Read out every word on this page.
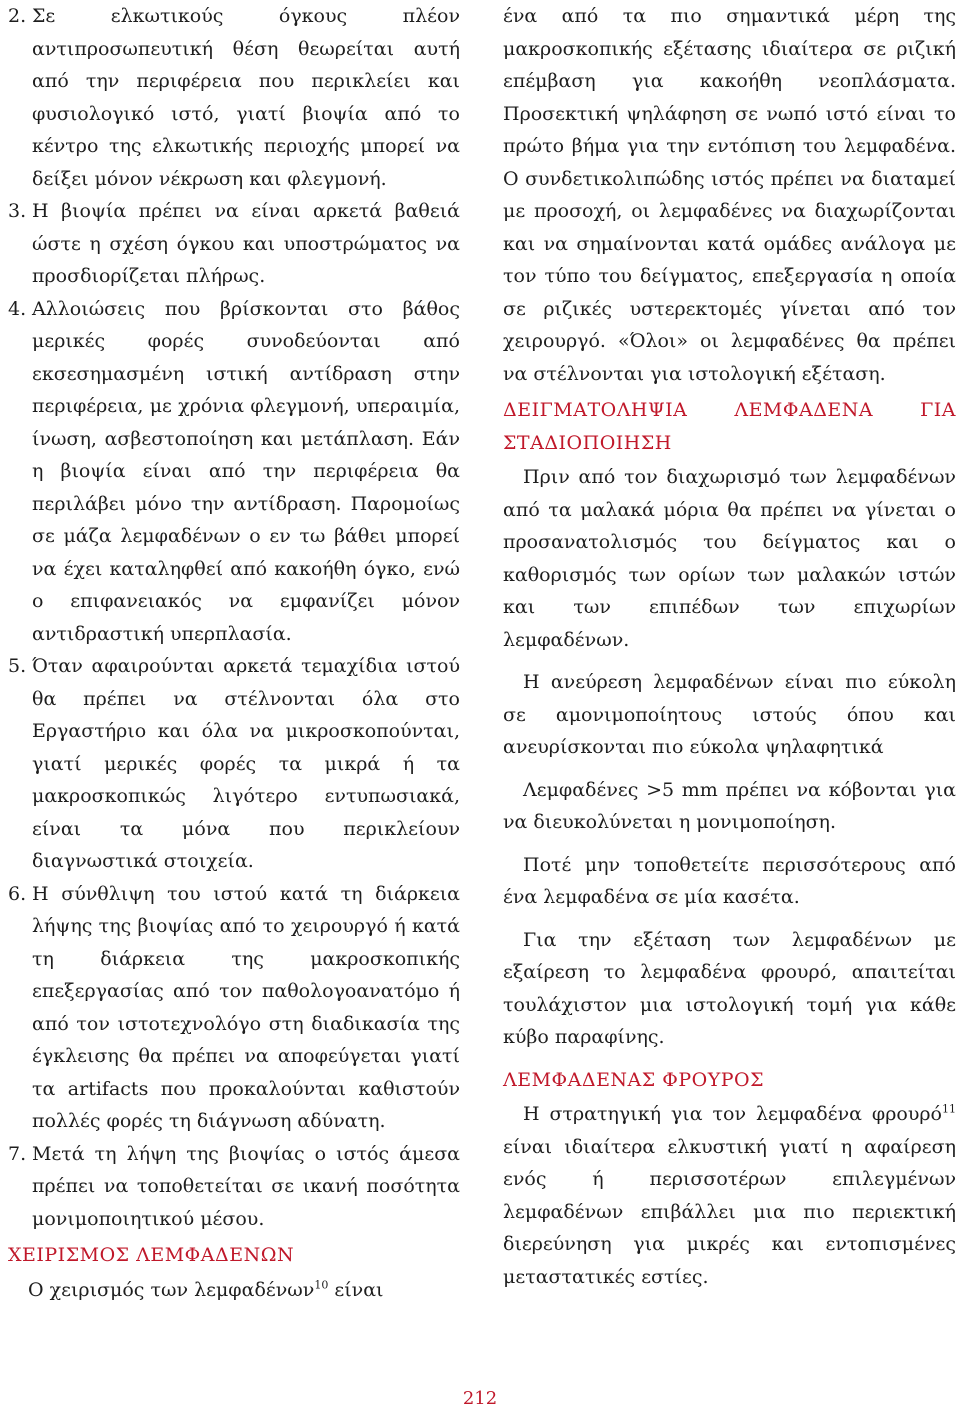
2. Σε ελκωτικούς όγκους πλέον αντιπροσωπευτική θέση θεωρείται αυτή από την περιφέρεια που περικλείει και φυσιολογικό ιστό, γιατί βιοψία από το κέντρο της ελκωτικής περιοχής μπορεί να δείξει μόνον νέκρωση και φλεγμονή.
3. Η βιοψία πρέπει να είναι αρκετά βαθειά ώστε η σχέση όγκου και υποστρώματος να προσδιορίζεται πλήρως.
4. Αλλοιώσεις που βρίσκονται στο βάθος μερικές φορές συνοδεύονται από εκσεσημασμένη ιστική αντίδραση στην περιφέρεια, με χρόνια φλεγμονή, υπεραιμία, ίνωση, ασβεστοποίηση και μετάπλαση. Εάν η βιοψία είναι από την περιφέρεια θα περιλάβει μόνο την αντίδραση. Παρομοίως σε μάζα λεμφαδένων ο εν τω βάθει μπορεί να έχει καταληφθεί από κακοήθη όγκο, ενώ ο επιφανειακός να εμφανίζει μόνον αντιδραστική υπερπλασία.
5. Όταν αφαιρούνται αρκετά τεμαχίδια ιστού θα πρέπει να στέλνονται όλα στο Εργαστήριο και όλα να μικροσκοπούνται, γιατί μερικές φορές τα μικρά ή τα μακροσκοπικώς λιγότερο εντυπωσιακά, είναι τα μόνα που περικλείουν διαγνωστικά στοιχεία.
6. Η σύνθλιψη του ιστού κατά τη διάρκεια λήψης της βιοψίας από το χειρουργό ή κατά τη διάρκεια της μακροσκοπικής επεξεργασίας από τον παθολογοανατόμο ή από τον ιστοτεχνολόγο στη διαδικασία της έγκλεισης θα πρέπει να αποφεύγεται γιατί τα artifacts που προκαλούνται καθιστούν πολλές φορές τη διάγνωση αδύνατη.
7. Μετά τη λήψη της βιοψίας ο ιστός άμεσα πρέπει να τοποθετείται σε ικανή ποσότητα μονιμοποιητικού μέσου.
ΧΕΙΡΙΣΜΟΣ ΛΕΜΦΑΔΕΝΩΝ

Ο χειρισμός των λεμφαδένων$^{10}$ είναι

ένα από τα πιο σημαντικά μέρη της μακροσκοπικής εξέτασης ιδιαίτερα σε ριζική επέμβαση για κακοήθη νεοπλάσματα. Προσεκτική ψηλάφηση σε νωπό ιστό είναι το πρώτο βήμα για την εντόπιση του λεμφαδένα. Ο συνδετικολιπώδης ιστός πρέπει να διαταμεί με προσοχή, οι λεμφαδένες να διαχωρίζονται και να σημαίνονται κατά ομάδες ανάλογα με τον τύπο του δείγματος, επεξεργασία η οποία σε ριζικές υστερεκτομές γίνεται από τον χειρουργό. «Όλοι» οι λεμφαδένες θα πρέπει να στέλνονται για ιστολογική εξέταση.

ΔΕΙΓΜΑΤΟΛΗΨΙΑ ΛΕΜΦΑΔΕΝΑ ΓΙΑ ΣΤΑΔΙΟΠΟΙΗΣΗ

Πριν από τον διαχωρισμό των λεμφαδένων από τα μαλακά μόρια θα πρέπει να γίνεται ο προσανατολισμός του δείγματος και ο καθορισμός των ορίων των μαλακών ιστών και των επιπέδων των επιχωρίων λεμφαδένων.

Η ανεύρεση λεμφαδένων είναι πιο εύκολη σε αμονιμοποίητους ιστούς όπου και ανευρίσκονται πιο εύκολα ψηλαφητικά

Λεμφαδένες >5 mm πρέπει να κόβονται για να διευκολύνεται η μονιμοποίηση.

Ποτέ μην τοποθετείτε περισσότερους από ένα λεμφαδένα σε μία κασέτα.

Για την εξέταση των λεμφαδένων με εξαίρεση το λεμφαδένα φρουρό, απαιτείται τουλάχιστον μια ιστολογική τομή για κάθε κύβο παραφίνης.

ΛΕΜΦΑΔΕΝΑΣ ΦΡΟΥΡΟΣ

Η στρατηγική για τον λεμφαδένα φρουρό$^{11}$ είναι ιδιαίτερα ελκυστική γιατί η αφαίρεση ενός ή περισσοτέρων επιλεγμένων λεμφαδένων επιβάλλει μια πιο περιεκτική διερεύνηση για μικρές και εντοπισμένες μεταστατικές εστίες.

212
